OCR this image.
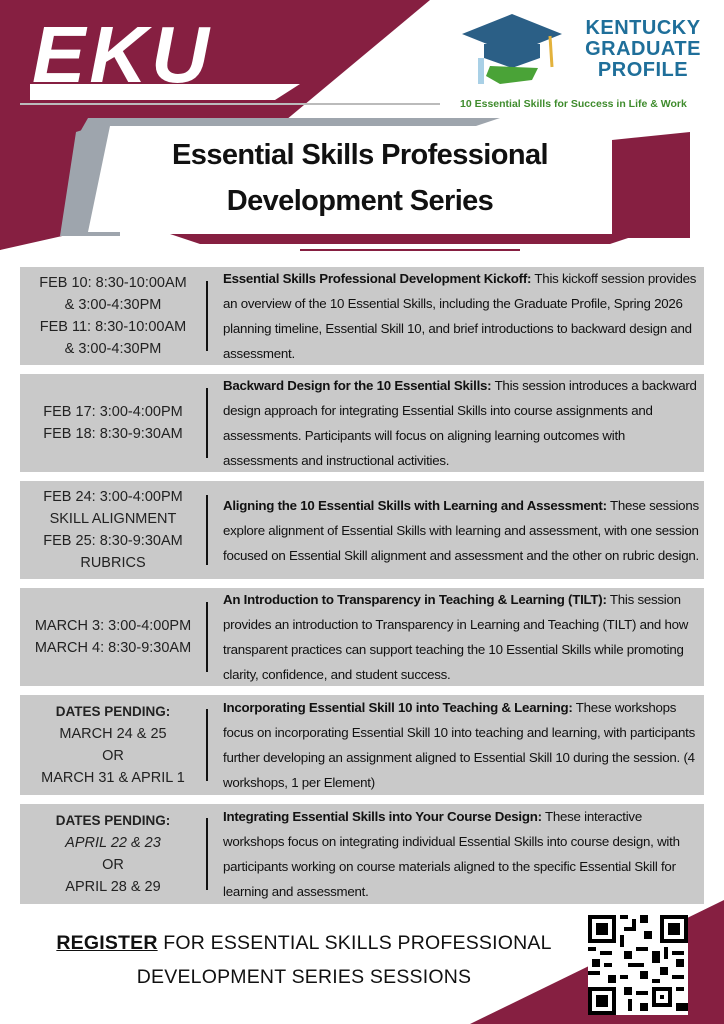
EKU	KENTUCKY
GRADUATE
PROFILE
10 Essential Skills for Success in Life & Work
Essential Skills Professional
Development Series
FEB 10: 8:30-10:00AM
& 3:00-4:30PM
FEB 11: 8:30-10:00AM
& 3:00-4:30PM
Essential Skills Professional Development Kickoff: This kickoff session provides an overview of the 10 Essential Skills, including the Graduate Profile, Spring 2026 planning timeline, Essential Skill 10, and brief introductions to backward design and assessment.
FEB 17: 3:00-4:00PM
FEB 18: 8:30-9:30AM
Backward Design for the 10 Essential Skills: This session introduces a backward design approach for integrating Essential Skills into course assignments and assessments. Participants will focus on aligning learning outcomes with assessments and instructional activities.
FEB 24: 3:00-4:00PM
SKILL ALIGNMENT
FEB 25: 8:30-9:30AM
RUBRICS
Aligning the 10 Essential Skills with Learning and Assessment: These sessions explore alignment of Essential Skills with learning and assessment, with one session focused on Essential Skill alignment and assessment and the other on rubric design.
MARCH 3: 3:00-4:00PM
MARCH 4: 8:30-9:30AM
An Introduction to Transparency in Teaching & Learning (TILT): This session provides an introduction to Transparency in Learning and Teaching (TILT) and how transparent practices can support teaching the 10 Essential Skills while promoting clarity, confidence, and student success.
DATES PENDING:
MARCH 24 & 25
OR
MARCH 31 & APRIL 1
Incorporating Essential Skill 10 into Teaching & Learning: These workshops focus on incorporating Essential Skill 10 into teaching and learning, with participants further developing an assignment aligned to Essential Skill 10 during the session. (4 workshops, 1 per Element)
DATES PENDING:
APRIL 22 & 23
OR
APRIL 28 & 29
Integrating Essential Skills into Your Course Design: These interactive workshops focus on integrating individual Essential Skills into course design, with participants working on course materials aligned to the specific Essential Skill for learning and assessment.
REGISTER FOR ESSENTIAL SKILLS PROFESSIONAL
DEVELOPMENT SERIES SESSIONS
